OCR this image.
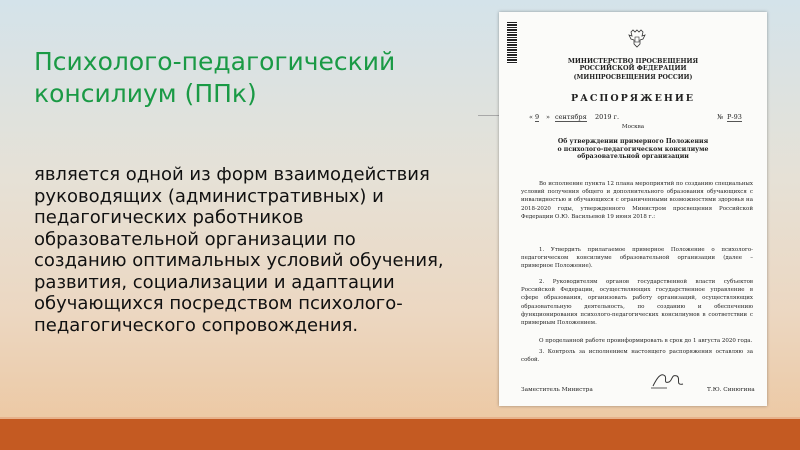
Психолого-педагогический консилиум (ППк)

является одной из форм взаимодействия руководящих (административных) и педагогических работников образовательной организации по созданию оптимальных условий обучения, развития, социализации и адаптации обучающихся посредством психолого-педагогического сопровождения.

МИНИСТЕРСТВО ПРОСВЕЩЕНИЯ
РОССИЙСКОЙ ФЕДЕРАЦИИ
(МИНПРОСВЕЩЕНИЯ РОССИИ)
РАСПОРЯЖЕНИЕ
« 9 » сентября 2019 г.	№ Р-93
Москва
Об утверждении примерного Положения
о психолого-педагогическом консилиуме
образовательной организации

Во исполнение пункта 12 плана мероприятий по созданию специальных условий получения общего и дополнительного образования обучающихся с инвалидностью и обучающихся с ограниченными возможностями здоровья на 2018-2020 годы, утвержденного Министром просвещения Российской Федерации О.Ю. Васильевой 19 июня 2018 г.:

1. Утвердить прилагаемое примерное Положение о психолого-педагогическом консилиуме образовательной организации (далее – примерное Положение).

2. Руководителям органов государственной власти субъектов Российской Федерации, осуществляющих государственное управление в сфере образования, организовать работу организаций, осуществляющих образовательную деятельность, по созданию и обеспечению функционирования психолого-педагогических консилиумов в соответствии с примерным Положением.

О проделанной работе проинформировать в срок до 1 августа 2020 года.

3. Контроль за исполнением настоящего распоряжения оставляю за собой.

Заместитель Министра	Т.Ю. Синюгина
